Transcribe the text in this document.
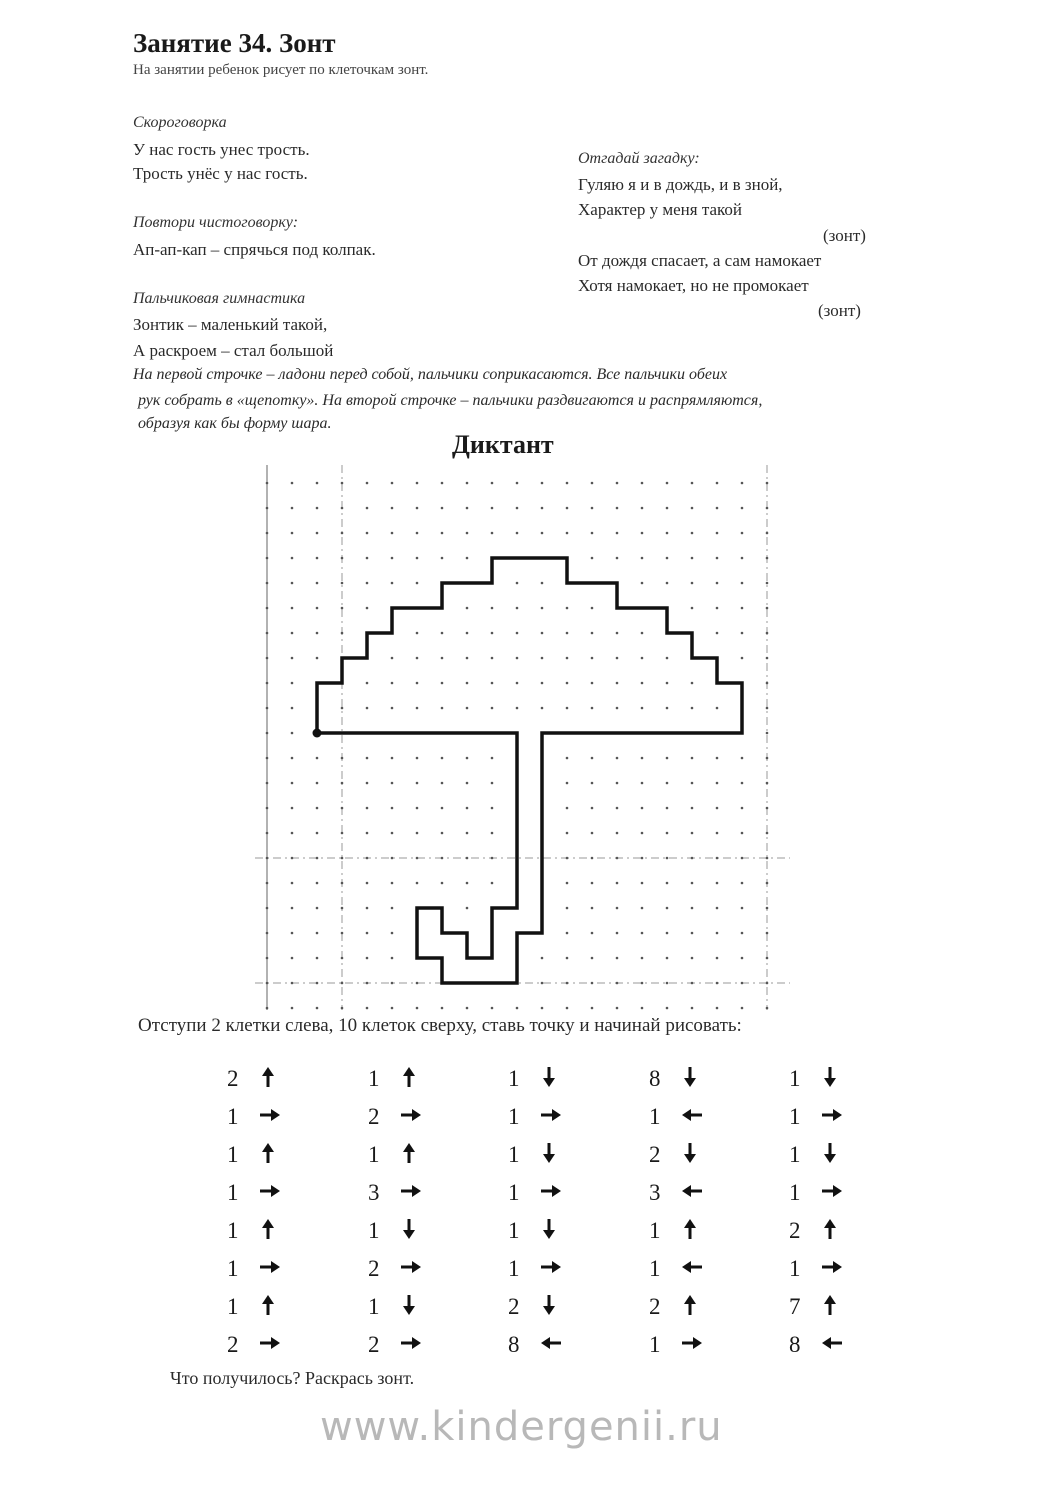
Занятие 34. Зонт
На занятии ребенок рисует по клеточкам зонт.
Скороговорка
У нас гость унес трость.
Трость унёс у нас гость.
Повтори чистоговорку:
Ап-ап-кап – спрячься под колпак.
Пальчиковая гимнастика
Зонтик – маленький такой,
А раскроем – стал большой
На первой строчке – ладони перед собой, пальчики соприкасаются. Все пальчики обеих
рук собрать в «щепотку». На второй строчке – пальчики раздвигаются и распрямляются,
образуя как бы форму шара.
Отгадай загадку:
Гуляю я и в дождь, и в зной,
Характер у меня такой
(зонт)
От дождя спасает, а сам намокает
Хотя намокает, но не промокает
(зонт)
Диктант
Отступи 2 клетки слева, 10 клеток сверху, ставь точку и начинай рисовать:
2
1
1
1
1
1
1
2
1
2
1
3
1
2
1
2
1
1
1
1
1
1
2
8
8
1
2
3
1
1
2
1
1
1
1
1
2
1
7
8
Что получилось? Раскрась зонт.
www.kindergenii.ru
